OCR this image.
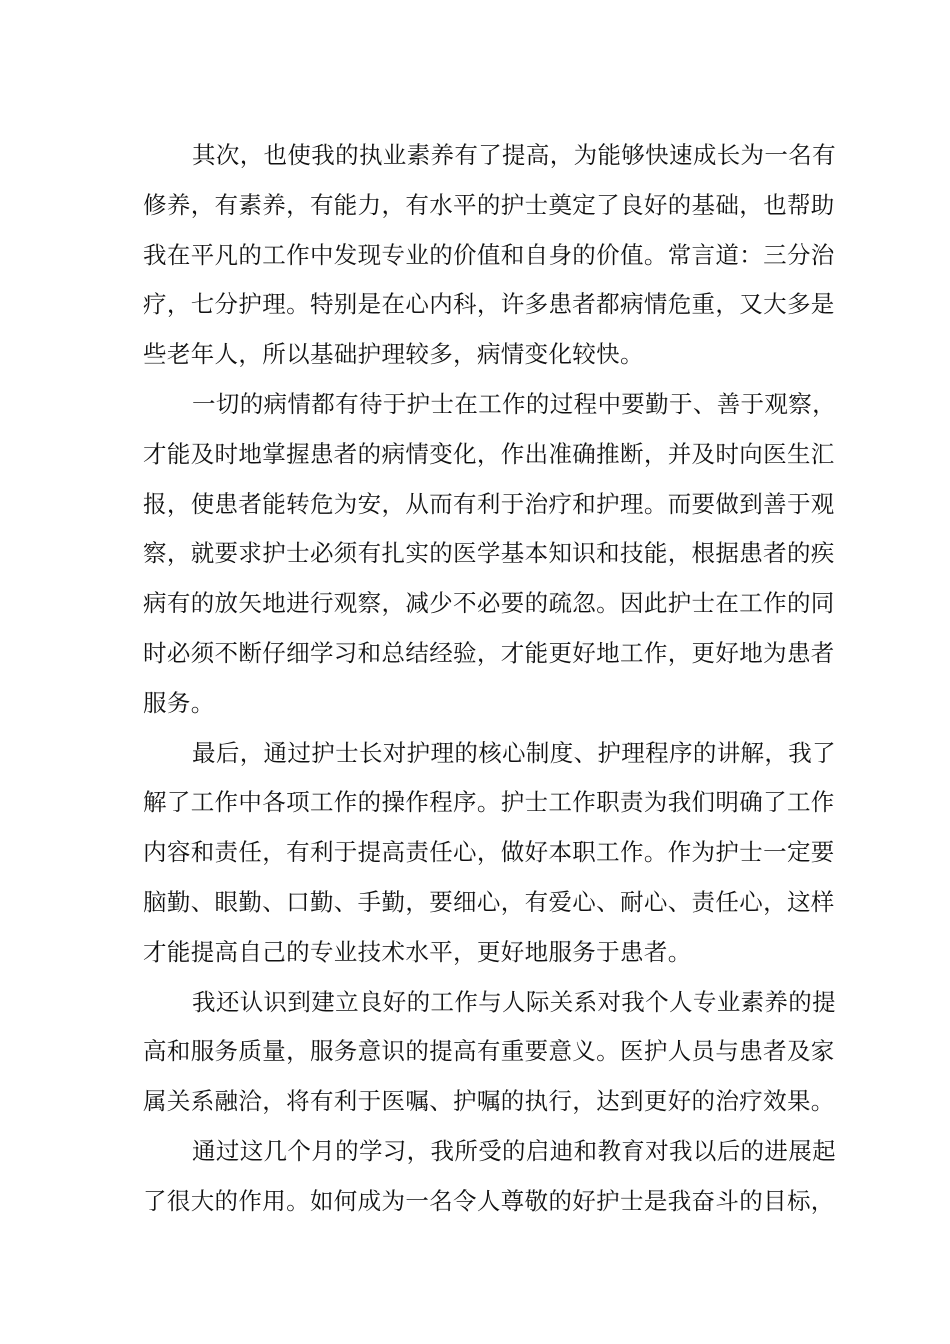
其次，也使我的执业素养有了提高，为能够快速成长为一名有
修养，有素养，有能力，有水平的护士奠定了良好的基础，也帮助
我在平凡的工作中发现专业的价值和自身的价值。常言道：三分治
疗，七分护理。特别是在心内科，许多患者都病情危重，又大多是
些老年人，所以基础护理较多，病情变化较快。
一切的病情都有待于护士在工作的过程中要勤于、善于观察，
才能及时地掌握患者的病情变化，作出准确推断，并及时向医生汇
报，使患者能转危为安，从而有利于治疗和护理。而要做到善于观
察，就要求护士必须有扎实的医学基本知识和技能，根据患者的疾
病有的放矢地进行观察，减少不必要的疏忽。因此护士在工作的同
时必须不断仔细学习和总结经验，才能更好地工作，更好地为患者
服务。
最后，通过护士长对护理的核心制度、护理程序的讲解，我了
解了工作中各项工作的操作程序。护士工作职责为我们明确了工作
内容和责任，有利于提高责任心，做好本职工作。作为护士一定要
脑勤、眼勤、口勤、手勤，要细心，有爱心、耐心、责任心，这样
才能提高自己的专业技术水平，更好地服务于患者。
我还认识到建立良好的工作与人际关系对我个人专业素养的提
高和服务质量，服务意识的提高有重要意义。医护人员与患者及家
属关系融洽，将有利于医嘱、护嘱的执行，达到更好的治疗效果。
通过这几个月的学习，我所受的启迪和教育对我以后的进展起
了很大的作用。如何成为一名令人尊敬的好护士是我奋斗的目标，
